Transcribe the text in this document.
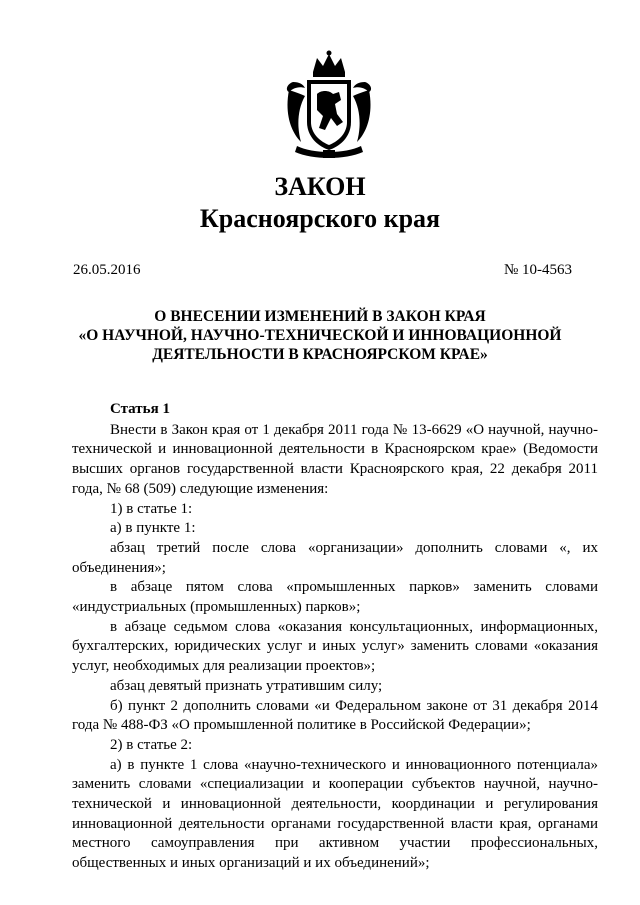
ЗАКОН
Красноярского края
26.05.2016	№ 10-4563
О ВНЕСЕНИИ ИЗМЕНЕНИЙ В ЗАКОН КРАЯ
«О НАУЧНОЙ, НАУЧНО-ТЕХНИЧЕСКОЙ И ИННОВАЦИОННОЙ
ДЕЯТЕЛЬНОСТИ В КРАСНОЯРСКОМ КРАЕ»
Статья 1

Внести в Закон края от 1 декабря 2011 года № 13-6629 «О научной, научно-технической и инновационной деятельности в Красноярском крае» (Ведомости высших органов государственной власти Красноярского края, 22 декабря 2011 года, № 68 (509) следующие изменения:

1) в статье 1:

а) в пункте 1:

абзац третий после слова «организации» дополнить словами «, их объединения»;

в абзаце пятом слова «промышленных парков» заменить словами «индустриальных (промышленных) парков»;

в абзаце седьмом слова «оказания консультационных, информационных, бухгалтерских, юридических услуг и иных услуг» заменить словами «оказания услуг, необходимых для реализации проектов»;

абзац девятый признать утратившим силу;

б) пункт 2 дополнить словами «и Федеральном законе от 31 декабря 2014 года № 488-ФЗ «О промышленной политике в Российской Федерации»;

2) в статье 2:

а) в пункте 1 слова «научно-технического и инновационного потенциала» заменить словами «специализации и кооперации субъектов научной, научно-технической и инновационной деятельности, координации и регулирования инновационной деятельности органами государственной власти края, органами местного самоуправления при активном участии профессиональных, общественных и иных организаций и их объединений»;
